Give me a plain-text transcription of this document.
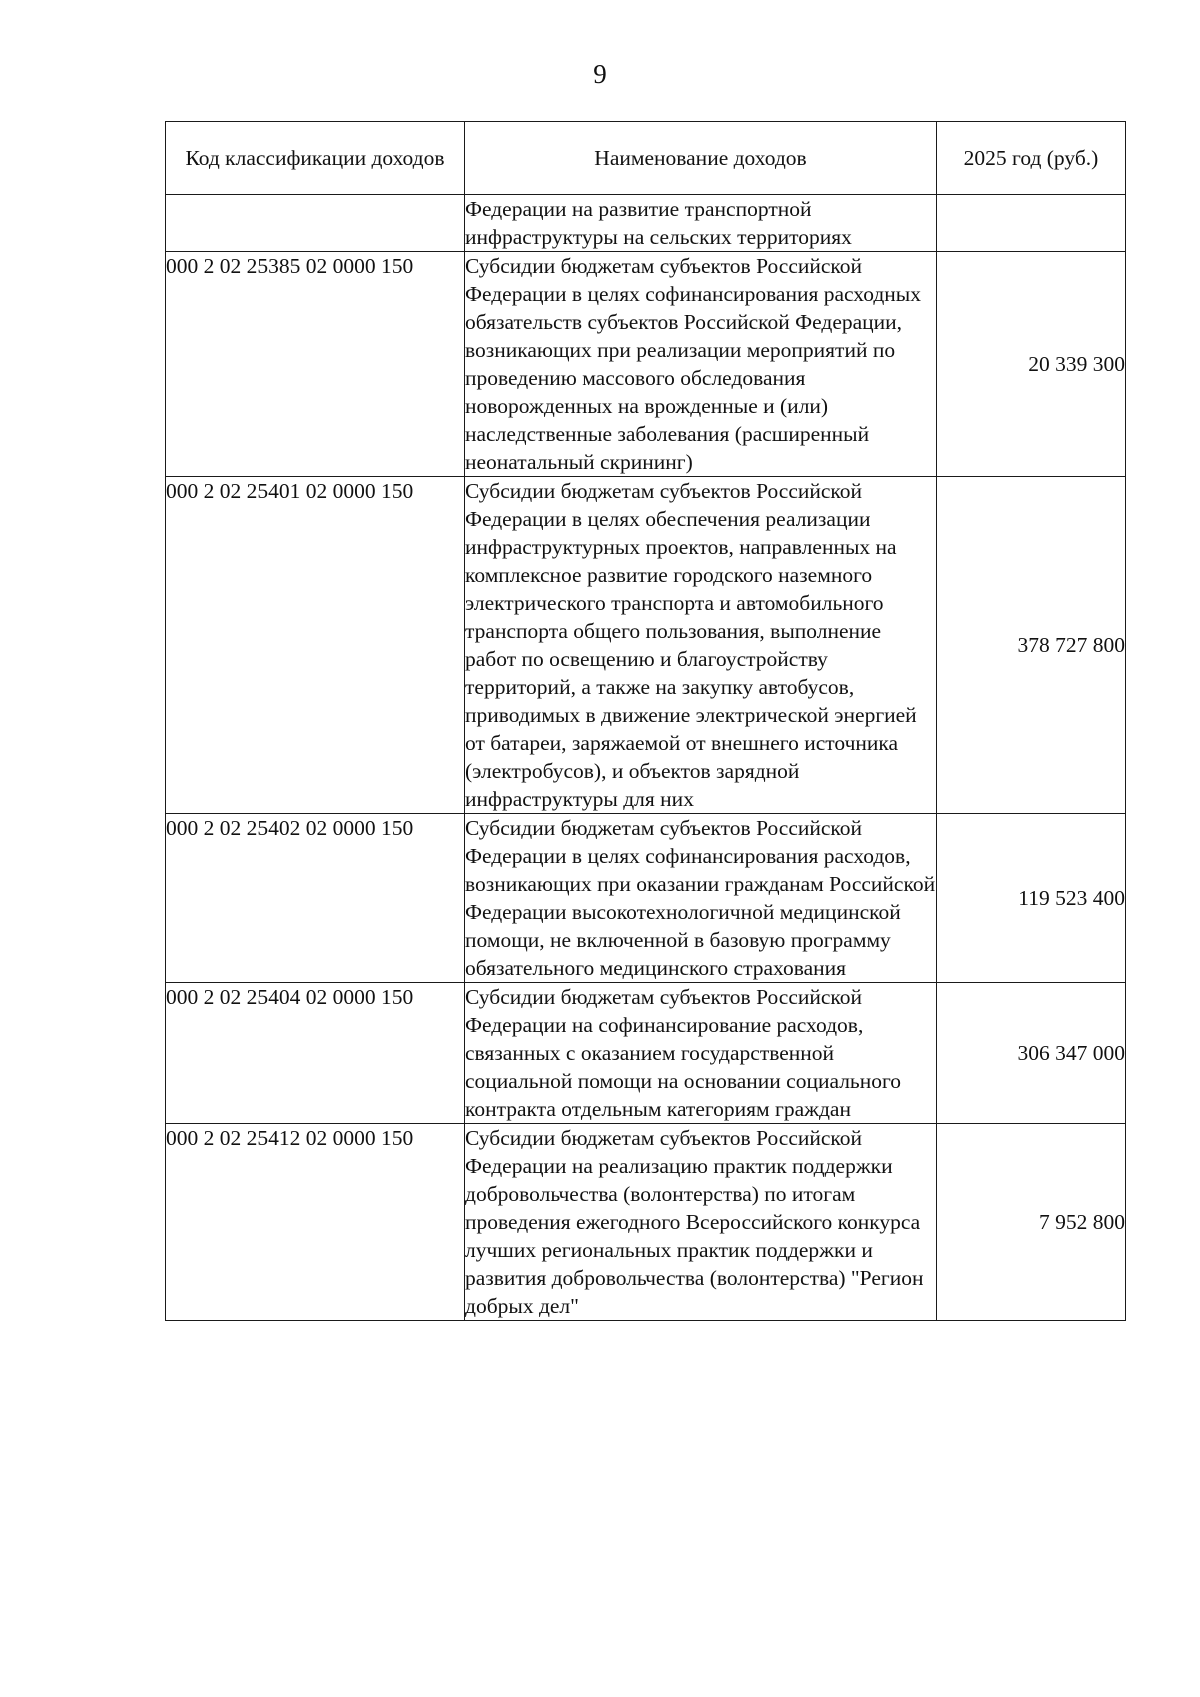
9
Код классификации доходов	Наименование доходов	2025 год (руб.)
	Федерации на развитие транспортной инфраструктуры на сельских территориях	
000 2 02 25385 02 0000 150	Субсидии бюджетам субъектов Российской Федерации в целях софинансирования расходных обязательств субъектов Российской Федерации, возникающих при реализации мероприятий по проведению массового обследования новорожденных на врожденные и (или) наследственные заболевания (расширенный неонатальный скрининг)	20 339 300
000 2 02 25401 02 0000 150	Субсидии бюджетам субъектов Российской Федерации в целях обеспечения реализации инфраструктурных проектов, направленных на комплексное развитие городского наземного электрического транспорта и автомобильного транспорта общего пользования, выполнение работ по освещению и благоустройству территорий, а также на закупку автобусов, приводимых в движение электрической энергией от батареи, заряжаемой от внешнего источника (электробусов), и объектов зарядной инфраструктуры для них	378 727 800
000 2 02 25402 02 0000 150	Субсидии бюджетам субъектов Российской Федерации в целях софинансирования расходов, возникающих при оказании гражданам Российской Федерации высокотехнологичной медицинской помощи, не включенной в базовую программу обязательного медицинского страхования	119 523 400
000 2 02 25404 02 0000 150	Субсидии бюджетам субъектов Российской Федерации на софинансирование расходов, связанных с оказанием государственной социальной помощи на основании социального контракта отдельным категориям граждан	306 347 000
000 2 02 25412 02 0000 150	Субсидии бюджетам субъектов Российской Федерации на реализацию практик поддержки добровольчества (волонтерства) по итогам проведения ежегодного Всероссийского конкурса лучших региональных практик поддержки и развития добровольчества (волонтерства) "Регион добрых дел"	7 952 800
